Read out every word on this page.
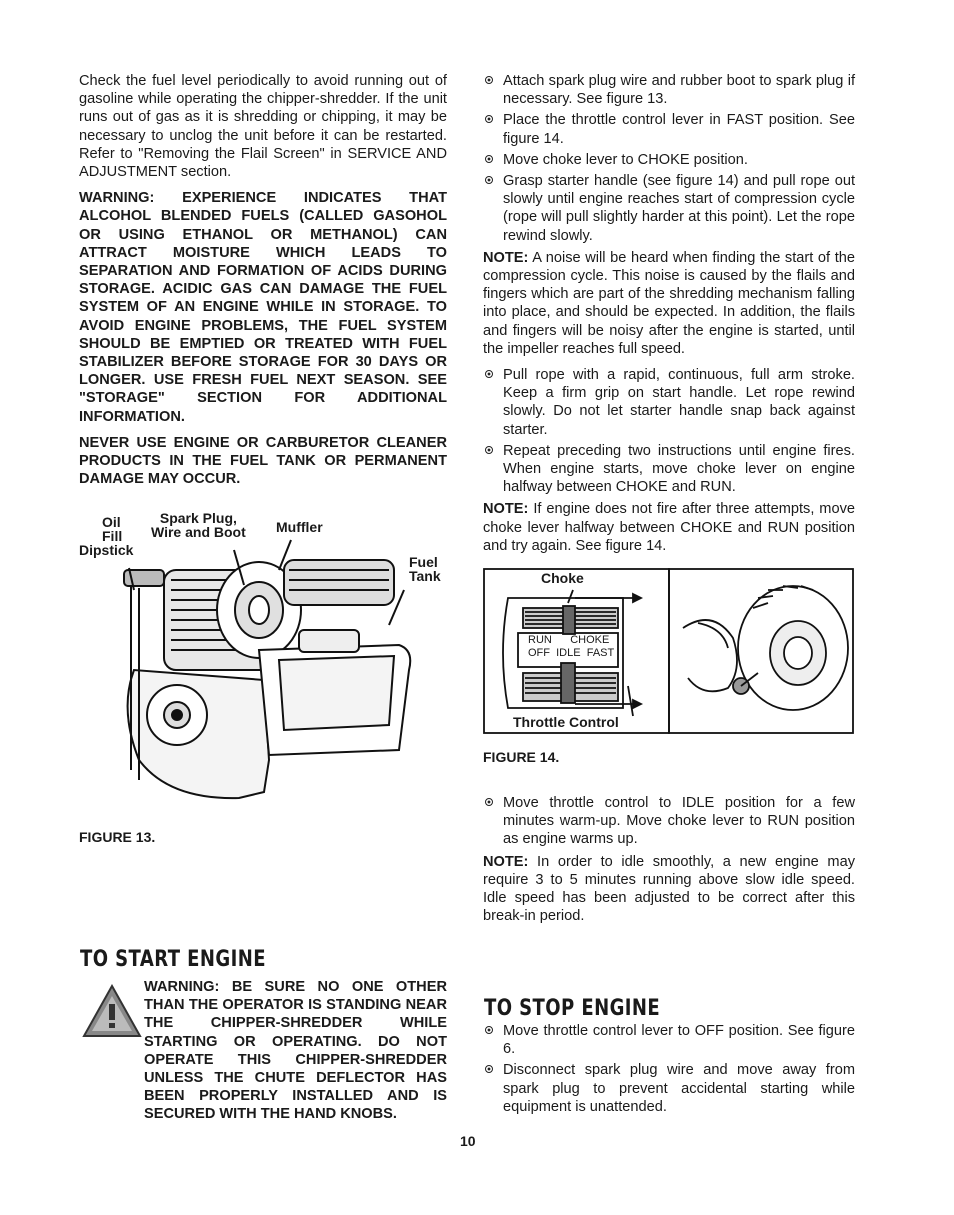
Check the fuel level periodically to avoid running out of gasoline while operating the chipper-shredder. If the unit runs out of gas as it is shredding or chipping, it may be necessary to unclog the unit before it can be restarted. Refer to "Removing the Flail Screen" in SERVICE AND ADJUSTMENT section.

WARNING: EXPERIENCE INDICATES THAT ALCOHOL BLENDED FUELS (CALLED GASOHOL OR USING ETHANOL OR METHANOL) CAN ATTRACT MOISTURE WHICH LEADS TO SEPARATION AND FORMATION OF ACIDS DURING STORAGE. ACIDIC GAS CAN DAMAGE THE FUEL SYSTEM OF AN ENGINE WHILE IN STORAGE. TO AVOID ENGINE PROBLEMS, THE FUEL SYSTEM SHOULD BE EMPTIED OR TREATED WITH FUEL STABILIZER BEFORE STORAGE FOR 30 DAYS OR LONGER. USE FRESH FUEL NEXT SEASON. SEE "STORAGE" SECTION FOR ADDITIONAL INFORMATION.

NEVER USE ENGINE OR CARBURETOR CLEANER PRODUCTS IN THE FUEL TANK OR PERMANENT DAMAGE MAY OCCUR.

Oil
Fill
Dipstick
Spark Plug,
Wire and Boot Muffler
Fuel
Tank
FIGURE 13.
TO START ENGINE
WARNING: BE SURE NO ONE OTHER THAN THE OPERATOR IS STANDING NEAR THE CHIPPER-SHREDDER WHILE STARTING OR OPERATING. DO NOT OPERATE THIS CHIPPER-SHREDDER UNLESS THE CHUTE DEFLECTOR HAS BEEN PROPERLY INSTALLED AND IS SECURED WITH THE HAND KNOBS.
Attach spark plug wire and rubber boot to spark plug if necessary. See figure 13.
Place the throttle control lever in FAST position. See figure 14.
Move choke lever to CHOKE position.
Grasp starter handle (see figure 14) and pull rope out slowly until engine reaches start of compression cycle (rope will pull slightly harder at this point). Let the rope rewind slowly.

NOTE: A noise will be heard when finding the start of the compression cycle. This noise is caused by the flails and fingers which are part of the shredding mechanism falling into place, and should be expected. In addition, the flails and fingers will be noisy after the engine is started, until the impeller reaches full speed.

Pull rope with a rapid, continuous, full arm stroke. Keep a firm grip on start handle. Let rope rewind slowly. Do not let starter handle snap back against starter.
Repeat preceding two instructions until engine fires. When engine starts, move choke lever on engine halfway between CHOKE and RUN.

NOTE: If engine does not fire after three attempts, move choke lever halfway between CHOKE and RUN position and try again. See figure 14.

Choke
RUN CHOKE
OFF IDLE FAST
Throttle Control
FIGURE 14.
Move throttle control to IDLE position for a few minutes warm-up. Move choke lever to RUN position as engine warms up.

NOTE: In order to idle smoothly, a new engine may require 3 to 5 minutes running above slow idle speed. Idle speed has been adjusted to be correct after this break-in period.

TO STOP ENGINE
Move throttle control lever to OFF position. See figure 6.
Disconnect spark plug wire and move away from spark plug to prevent accidental starting while equipment is unattended.
10
